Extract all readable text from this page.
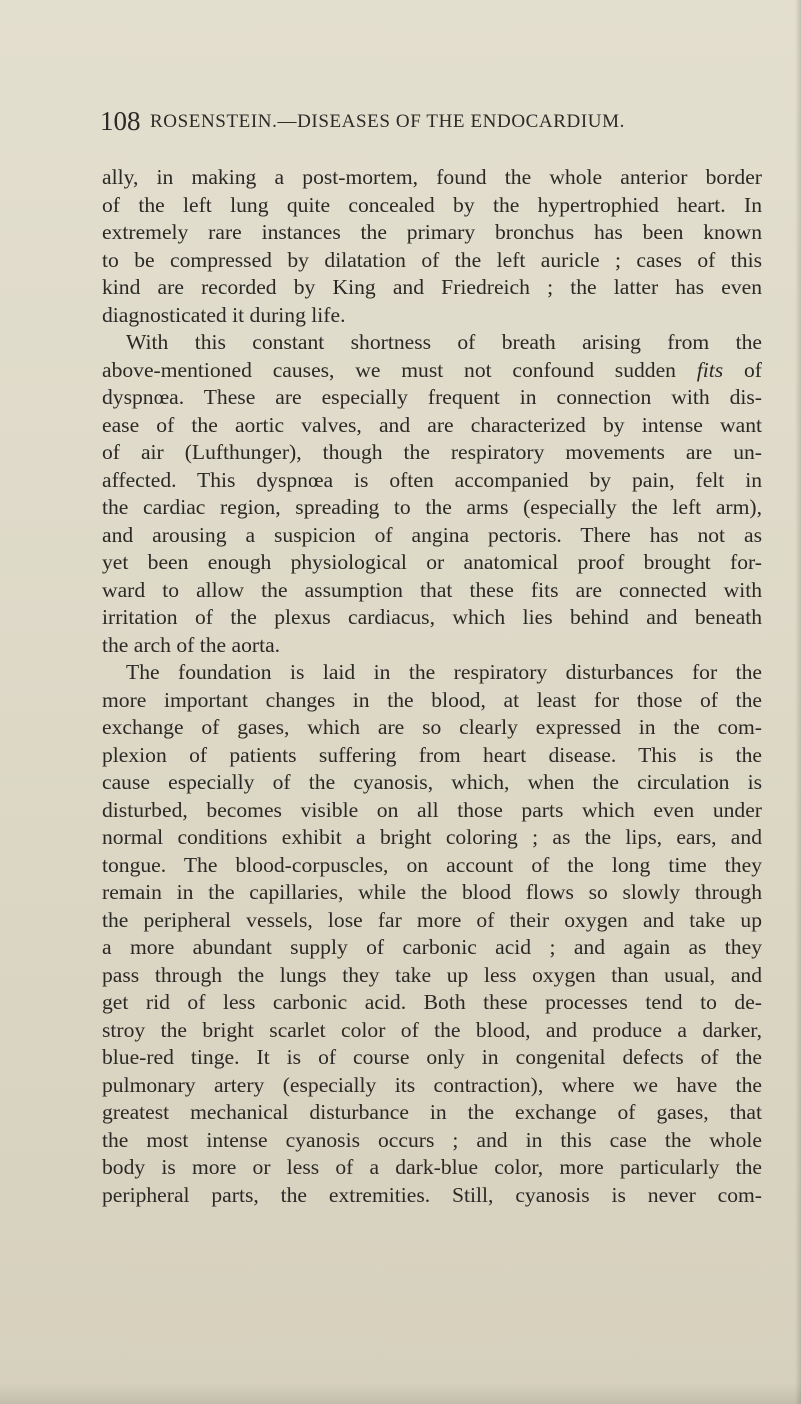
108 ROSENSTEIN.—DISEASES OF THE ENDOCARDIUM.
ally, in making a post-mortem, found the whole anterior border
of the left lung quite concealed by the hypertrophied heart. In
extremely rare instances the primary bronchus has been known
to be compressed by dilatation of the left auricle ; cases of this
kind are recorded by King and Friedreich ; the latter has even
diagnosticated it during life.
With this constant shortness of breath arising from the
above-mentioned causes, we must not confound sudden fits of
dyspnœa. These are especially frequent in connection with dis-
ease of the aortic valves, and are characterized by intense want
of air (Lufthunger), though the respiratory movements are un-
affected. This dyspnœa is often accompanied by pain, felt in
the cardiac region, spreading to the arms (especially the left arm),
and arousing a suspicion of angina pectoris. There has not as
yet been enough physiological or anatomical proof brought for-
ward to allow the assumption that these fits are connected with
irritation of the plexus cardiacus, which lies behind and beneath
the arch of the aorta.
The foundation is laid in the respiratory disturbances for the
more important changes in the blood, at least for those of the
exchange of gases, which are so clearly expressed in the com-
plexion of patients suffering from heart disease. This is the
cause especially of the cyanosis, which, when the circulation is
disturbed, becomes visible on all those parts which even under
normal conditions exhibit a bright coloring ; as the lips, ears, and
tongue. The blood-corpuscles, on account of the long time they
remain in the capillaries, while the blood flows so slowly through
the peripheral vessels, lose far more of their oxygen and take up
a more abundant supply of carbonic acid ; and again as they
pass through the lungs they take up less oxygen than usual, and
get rid of less carbonic acid. Both these processes tend to de-
stroy the bright scarlet color of the blood, and produce a darker,
blue-red tinge. It is of course only in congenital defects of the
pulmonary artery (especially its contraction), where we have the
greatest mechanical disturbance in the exchange of gases, that
the most intense cyanosis occurs ; and in this case the whole
body is more or less of a dark-blue color, more particularly the
peripheral parts, the extremities. Still, cyanosis is never com-
